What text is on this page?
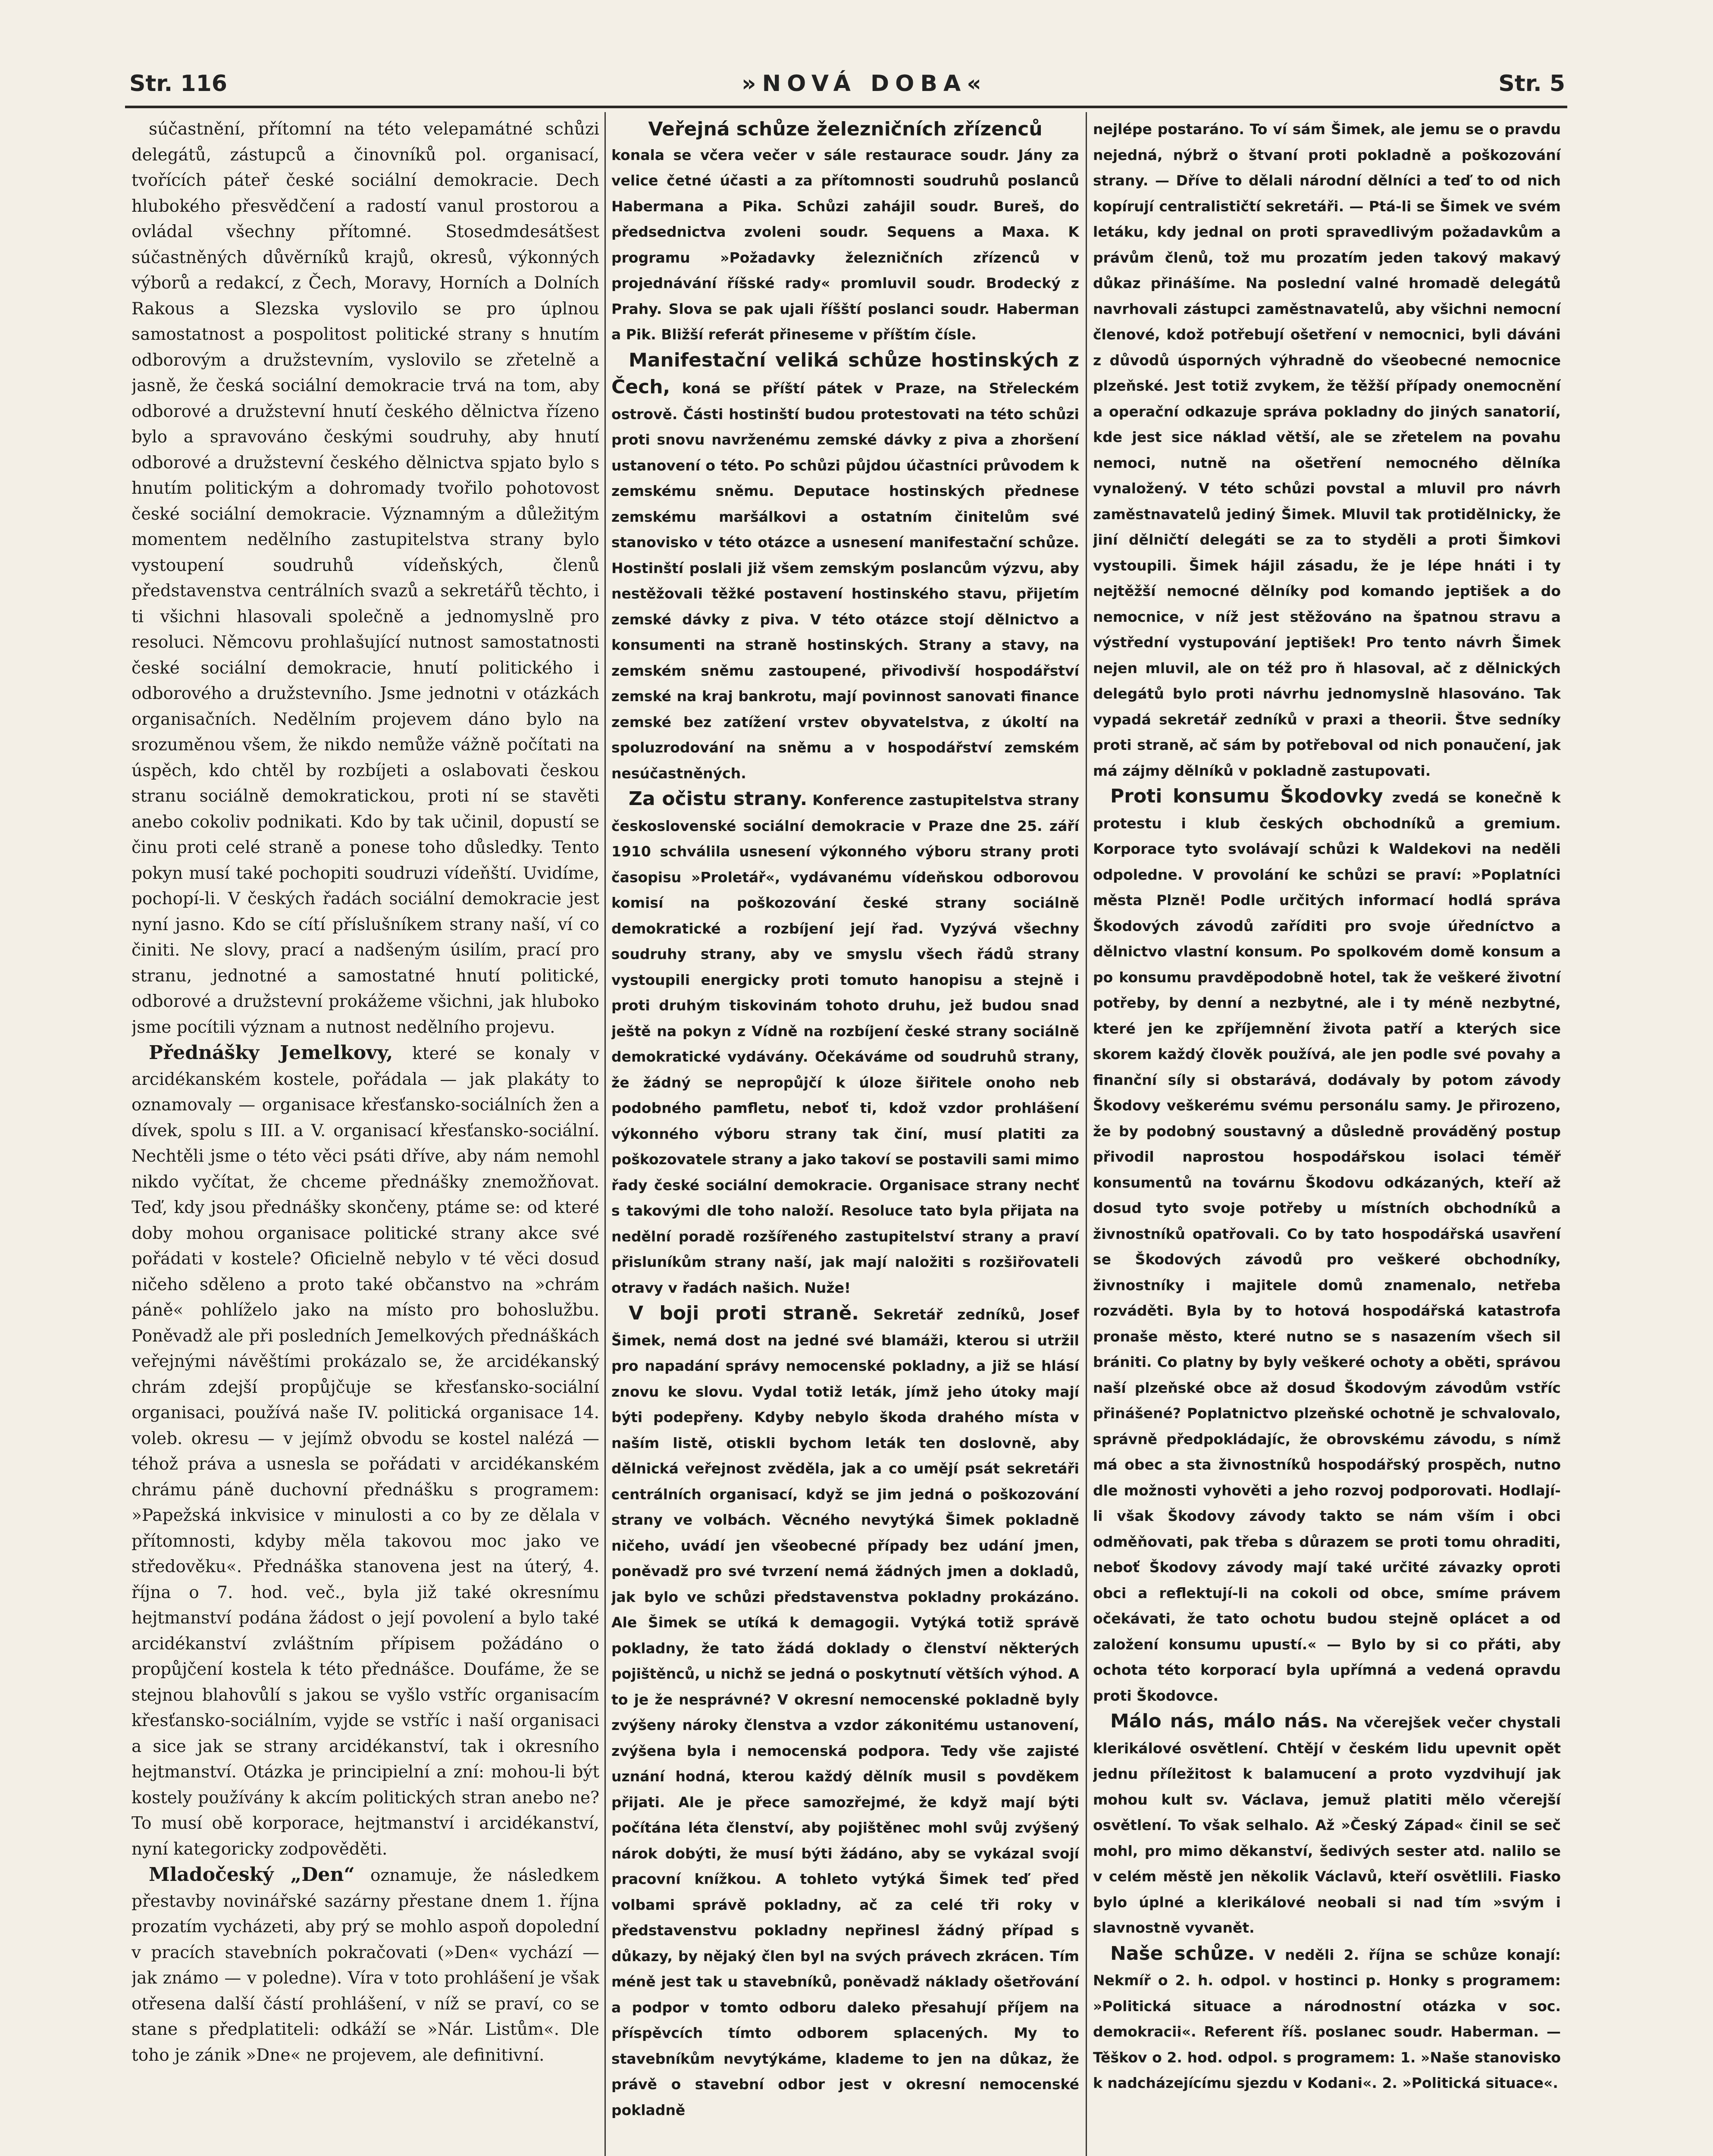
Str. 116	»NOVÁ DOBA«	Str. 5

súčastnění, přítomní na této velepamátné schůzi delegátů, zástupců a činovníků pol. organisací, tvořících páteř české sociální demokracie. Dech hlubokého přesvědčení a radostí vanul prostorou a ovládal všechny přítomné. Stosedmdesátšest súčastněných důvěrníků krajů, okresů, výkonných výborů a redakcí, z Čech, Moravy, Horních a Dolních Rakous a Slezska vyslovilo se pro úplnou samostatnost a pospolitost politické strany s hnutím odborovým a družstevním, vyslovilo se zřetelně a jasně, že česká sociální demokracie trvá na tom, aby odborové a družstevní hnutí českého dělnictva řízeno bylo a spravováno českými soudruhy, aby hnutí odborové a družstevní českého dělnictva spjato bylo s hnutím politickým a dohromady tvořilo pohotovost české sociální demokracie. Významným a důležitým momentem nedělního zastupitelstva strany bylo vystoupení soudruhů vídeňských, členů představenstva centrálních svazů a sekretářů těchto, i ti všichni hlasovali společně a jednomyslně pro resoluci. Němcovu prohlašující nutnost samostatnosti české sociální demokracie, hnutí politického i odborového a družstevního. Jsme jednotni v otázkách organisačních. Nedělním projevem dáno bylo na srozuměnou všem, že nikdo nemůže vážně počítati na úspěch, kdo chtěl by rozbíjeti a oslabovati českou stranu sociálně demokratickou, proti ní se stavěti anebo cokoliv podnikati. Kdo by tak učinil, dopustí se činu proti celé straně a ponese toho důsledky. Tento pokyn musí také pochopiti soudruzi vídeňští. Uvidíme, pochopí-li. V českých řadách sociální demokracie jest nyní jasno. Kdo se cítí příslušníkem strany naší, ví co činiti. Ne slovy, prací a nadšeným úsilím, prací pro stranu, jednotné a samostatné hnutí politické, odborové a družstevní prokážeme všichni, jak hluboko jsme pocítili význam a nutnost nedělního projevu.

Přednášky Jemelkovy, které se konaly v arcidékanském kostele, pořádala — jak plakáty to oznamovaly — organisace křesťansko-sociálních žen a dívek, spolu s III. a V. organisací křesťansko-sociální. Nechtěli jsme o této věci psáti dříve, aby nám nemohl nikdo vyčítat, že chceme přednášky znemožňovat. Teď, kdy jsou přednášky skončeny, ptáme se: od které doby mohou organisace politické strany akce své pořádati v kostele? Oficielně nebylo v té věci dosud ničeho sděleno a proto také občanstvo na »chrám páně« pohlíželo jako na místo pro bohoslužbu. Poněvadž ale při posledních Jemelkových přednáškách veřejnými návěštími prokázalo se, že arcidékanský chrám zdejší propůjčuje se křesťansko-sociální organisaci, používá naše IV. politická organisace 14. voleb. okresu — v jejímž obvodu se kostel nalézá — téhož práva a usnesla se pořádati v arcidékanském chrámu páně duchovní přednášku s programem: »Papežská inkvisice v minulosti a co by ze dělala v přítomnosti, kdyby měla takovou moc jako ve středověku«. Přednáška stanovena jest na úterý, 4. října o 7. hod. več., byla již také okresnímu hejtmanství podána žádost o její povolení a bylo také arcidékanství zvláštním přípisem požádáno o propůjčení kostela k této přednášce. Doufáme, že se stejnou blahovůlí s jakou se vyšlo vstříc organisacím křesťansko-sociálním, vyjde se vstříc i naší organisaci a sice jak se strany arcidékanství, tak i okresního hejtmanství. Otázka je principielní a zní: mohou-li být kostely používány k akcím politických stran anebo ne? To musí obě korporace, hejtmanství i arcidékanství, nyní kategoricky zodpověděti.

Mladočeský „Den“ oznamuje, že následkem přestavby novinářské sazárny přestane dnem 1. října prozatím vycházeti, aby prý se mohlo aspoň dopolední v pracích stavebních pokračovati (»Den« vychází — jak známo — v poledne). Víra v toto prohlášení je však otřesena další částí prohlášení, v níž se praví, co se stane s předplatiteli: odkáží se »Nár. Listům«. Dle toho je zánik »Dne« ne projevem, ale definitivní.

Veřejná schůze železničních zřízenců

konala se včera večer v sále restaurace soudr. Jány za velice četné účasti a za přítomnosti soudruhů poslanců Habermana a Pika. Schůzi zahájil soudr. Bureš, do předsednictva zvoleni soudr. Sequens a Maxa. K programu »Požadavky železničních zřízenců v projednávání říšské rady« promluvil soudr. Brodecký z Prahy. Slova se pak ujali říšští poslanci soudr. Haberman a Pik. Bližší referát přineseme v příštím čísle.

Manifestační veliká schůze hostinských z Čech, koná se příští pátek v Praze, na Střeleckém ostrově. Části hostinští budou protestovati na této schůzi proti snovu navrženému zemské dávky z piva a zhoršení ustanovení o této. Po schůzi půjdou účastníci průvodem k zemskému sněmu. Deputace hostinských přednese zemskému maršálkovi a ostatním činitelům své stanovisko v této otázce a usnesení manifestační schůze. Hostinští poslali již všem zemským poslancům výzvu, aby nestěžovali těžké postavení hostinského stavu, přijetím zemské dávky z piva. V této otázce stojí dělnictvo a konsumenti na straně hostinských. Strany a stavy, na zemském sněmu zastoupené, přivodivší hospodářství zemské na kraj bankrotu, mají povinnost sanovati finance zemské bez zatížení vrstev obyvatelstva, z úkoltí na spoluzrodování na sněmu a v hospodářství zemském nesúčastněných.

Za očistu strany. Konference zastupitelstva strany československé sociální demokracie v Praze dne 25. září 1910 schválila usnesení výkonného výboru strany proti časopisu »Proletář«, vydávanému vídeňskou odborovou komisí na poškozování české strany sociálně demokratické a rozbíjení její řad. Vyzývá všechny soudruhy strany, aby ve smyslu všech řádů strany vystoupili energicky proti tomuto hanopisu a stejně i proti druhým tiskovinám tohoto druhu, jež budou snad ještě na pokyn z Vídně na rozbíjení české strany sociálně demokratické vydávány. Očekáváme od soudruhů strany, že žádný se nepropůjčí k úloze šiřitele onoho neb podobného pamfletu, neboť ti, kdož vzdor prohlášení výkonného výboru strany tak činí, musí platiti za poškozovatele strany a jako takoví se postavili sami mimo řady české sociální demokracie. Organisace strany nechť s takovými dle toho naloží. Resoluce tato byla přijata na nedělní poradě rozšířeného zastupitelství strany a praví přisluníkům strany naší, jak mají naložiti s rozšiřovateli otravy v řadách našich. Nuže!

V boji proti straně. Sekretář zedníků, Josef Šimek, nemá dost na jedné své blamáži, kterou si utržil pro napadání správy nemocenské pokladny, a již se hlásí znovu ke slovu. Vydal totiž leták, jímž jeho útoky mají býti podepřeny. Kdyby nebylo škoda drahého místa v naším listě, otiskli bychom leták ten doslovně, aby dělnická veřejnost zvěděla, jak a co umějí psát sekretáři centrálních organisací, když se jim jedná o poškozování strany ve volbách. Věcného nevytýká Šimek pokladně ničeho, uvádí jen všeobecné případy bez udání jmen, poněvadž pro své tvrzení nemá žádných jmen a dokladů, jak bylo ve schůzi představenstva pokladny prokázáno. Ale Šimek se utíká k demagogii. Vytýká totiž správě pokladny, že tato žádá doklady o členství některých pojištěnců, u nichž se jedná o poskytnutí větších výhod. A to je že nesprávné? V okresní nemocenské pokladně byly zvýšeny nároky členstva a vzdor zákonitému ustanovení, zvýšena byla i nemocenská podpora. Tedy vše zajisté uznání hodná, kterou každý dělník musil s povděkem přijati. Ale je přece samozřejmé, že když mají býti počítána léta členství, aby pojištěnec mohl svůj zvýšený nárok dobýti, že musí býti žádáno, aby se vykázal svojí pracovní knížkou. A tohleto vytýká Šimek teď před volbami správě pokladny, ač za celé tři roky v představenstvu pokladny nepřinesl žádný případ s důkazy, by nějaký člen byl na svých právech zkrácen. Tím méně jest tak u stavebníků, poněvadž náklady ošetřování a podpor v tomto odboru daleko přesahují příjem na příspěvcích tímto odborem splacených. My to stavebníkům nevytýkáme, klademe to jen na důkaz, že právě o stavební odbor jest v okresní nemocenské pokladně

nejlépe postaráno. To ví sám Šimek, ale jemu se o pravdu nejedná, nýbrž o štvaní proti pokladně a poškozování strany. — Dříve to dělali národní dělníci a teď to od nich kopírují centralističtí sekretáři. — Ptá-li se Šimek ve svém letáku, kdy jednal on proti spravedlivým požadavkům a právům členů, tož mu prozatím jeden takový makavý důkaz přinášíme. Na poslední valné hromadě delegátů navrhovali zástupci zaměstnavatelů, aby všichni nemocní členové, kdož potřebují ošetření v nemocnici, byli dáváni z důvodů úsporných výhradně do všeobecné nemocnice plzeňské. Jest totiž zvykem, že těžší případy onemocnění a operační odkazuje správa pokladny do jiných sanatorií, kde jest sice náklad větší, ale se zřetelem na povahu nemoci, nutně na ošetření nemocného dělníka vynaložený. V této schůzi povstal a mluvil pro návrh zaměstnavatelů jediný Šimek. Mluvil tak protidělnicky, že jiní dělničtí delegáti se za to styděli a proti Šimkovi vystoupili. Šimek hájil zásadu, že je lépe hnáti i ty nejtěžší nemocné dělníky pod komando jeptišek a do nemocnice, v níž jest stěžováno na špatnou stravu a výstřední vystupování jeptišek! Pro tento návrh Šimek nejen mluvil, ale on též pro ň hlasoval, ač z dělnických delegátů bylo proti návrhu jednomyslně hlasováno. Tak vypadá sekretář zedníků v praxi a theorii. Štve sedníky proti straně, ač sám by potřeboval od nich ponaučení, jak má zájmy dělníků v pokladně zastupovati.

Proti konsumu Škodovky zvedá se konečně k protestu i klub českých obchodníků a gremium. Korporace tyto svolávají schůzi k Waldekovi na neděli odpoledne. V provolání ke schůzi se praví: »Poplatníci města Plzně! Podle určitých informací hodlá správa Škodových závodů zaříditi pro svoje úředníctvo a dělnictvo vlastní konsum. Po spolkovém domě konsum a po konsumu pravděpodobně hotel, tak že veškeré životní potřeby, by denní a nezbytné, ale i ty méně nezbytné, které jen ke zpříjemnění života patří a kterých sice skorem každý člověk používá, ale jen podle své povahy a finanční síly si obstarává, dodávaly by potom závody Škodovy veškerému svému personálu samy. Je přirozeno, že by podobný soustavný a důsledně prováděný postup přivodil naprostou hospodářskou isolaci téměř konsumentů na továrnu Škodovu odkázaných, kteří až dosud tyto svoje potřeby u místních obchodníků a živnostníků opatřovali. Co by tato hospodářská usavření se Škodových závodů pro veškeré obchodníky, živnostníky i majitele domů znamenalo, netřeba rozváděti. Byla by to hotová hospodářská katastrofa pronaše město, které nutno se s nasazením všech sil brániti. Co platny by byly veškeré ochoty a oběti, správou naší plzeňské obce až dosud Škodovým závodům vstříc přinášené? Poplatnictvo plzeňské ochotně je schvalovalo, správně předpokládajíc, že obrovskému závodu, s nímž má obec a sta živnostníků hospodářský prospěch, nutno dle možnosti vyhověti a jeho rozvoj podporovati. Hodlají-li však Škodovy závody takto se nám vším i obci odměňovati, pak třeba s důrazem se proti tomu ohraditi, neboť Škodovy závody mají také určité závazky oproti obci a reflektují-li na cokoli od obce, smíme právem očekávati, že tato ochotu budou stejně oplácet a od založení konsumu upustí.« — Bylo by si co přáti, aby ochota této korporací byla upřímná a vedená opravdu proti Škodovce.

Málo nás, málo nás. Na včerejšek večer chystali klerikálové osvětlení. Chtějí v českém lidu upevnit opět jednu příležitost k balamucení a proto vyzdvihují jak mohou kult sv. Václava, jemuž platiti mělo včerejší osvětlení. To však selhalo. Až »Český Západ« činil se seč mohl, pro mimo děkanství, šedivých sester atd. nalilo se v celém městě jen několik Václavů, kteří osvětlili. Fiasko bylo úplné a klerikálové neobali si nad tím »svým i slavnostně vyvanět.

Naše schůze. V neděli 2. října se schůze konají: Nekmíř o 2. h. odpol. v hostinci p. Honky s programem: »Politická situace a národnostní otázka v soc. demokracii«. Referent říš. poslanec soudr. Haberman. — Těškov o 2. hod. odpol. s programem: 1. »Naše stanovisko k nadcházejícímu sjezdu v Kodani«. 2. »Politická situace«.
